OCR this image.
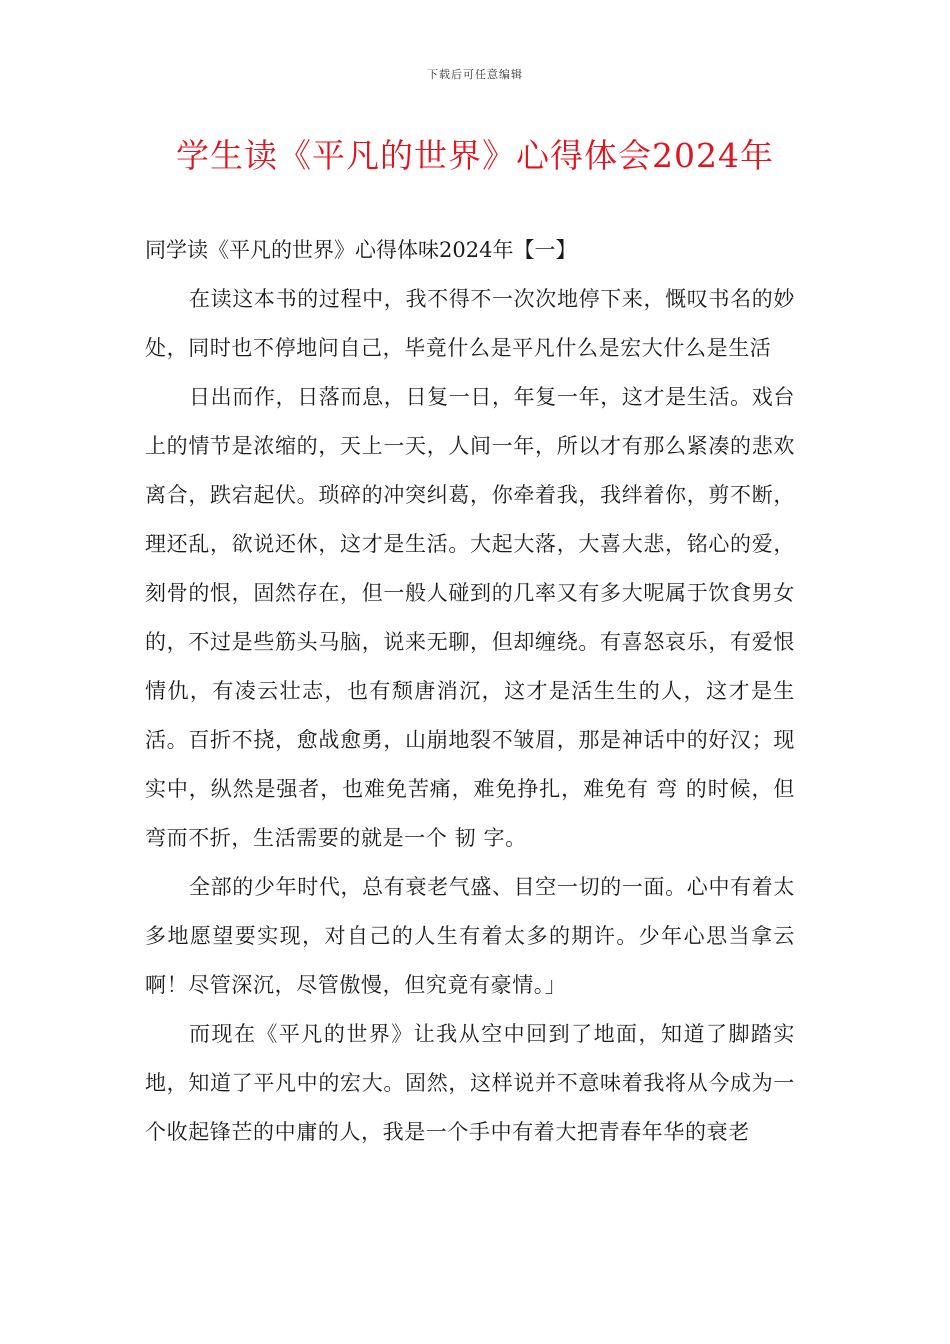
下载后可任意编辑
学生读《平凡的世界》心得体会2024年

同学读《平凡的世界》心得体味2024年【一】

在读这本书的过程中，我不得不一次次地停下来，慨叹书名的妙处，同时也不停地问自己，毕竟什么是平凡什么是宏大什么是生活

日出而作，日落而息，日复一日，年复一年，这才是生活。戏台上的情节是浓缩的，天上一天，人间一年，所以才有那么紧凑的悲欢离合，跌宕起伏。琐碎的冲突纠葛，你牵着我，我绊着你，剪不断，理还乱，欲说还休，这才是生活。大起大落，大喜大悲，铭心的爱，刻骨的恨，固然存在，但一般人碰到的几率又有多大呢属于饮食男女的，不过是些筋头马脑，说来无聊，但却缠绕。有喜怒哀乐，有爱恨情仇，有凌云壮志，也有颓唐消沉，这才是活生生的人，这才是生活。百折不挠，愈战愈勇，山崩地裂不皱眉，那是神话中的好汉；现实中，纵然是强者，也难免苦痛，难免挣扎，难免有 弯 的时候，但弯而不折，生活需要的就是一个 韧 字。

全部的少年时代，总有衰老气盛、目空一切的一面。心中有着太多地愿望要实现，对自己的人生有着太多的期许。少年心思当拿云啊！尽管深沉，尽管傲慢，但究竟有豪情。」

而现在《平凡的世界》让我从空中回到了地面，知道了脚踏实地，知道了平凡中的宏大。固然，这样说并不意味着我将从今成为一个收起锋芒的中庸的人，我是一个手中有着大把青春年华的衰老
